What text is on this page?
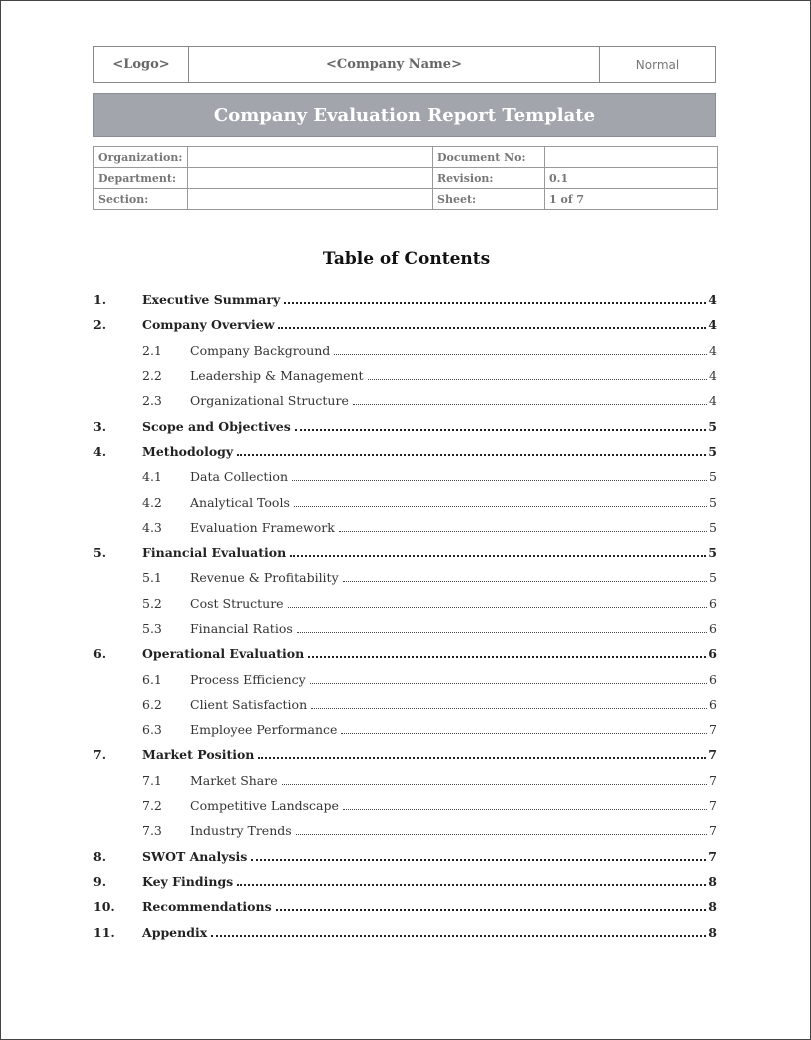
<Logo>	<Company Name>	Normal
Company Evaluation Report Template
Organization:		Document No:	
Department:		Revision:	0.1
Section:		Sheet:	1 of 7
Table of Contents
1.	Executive Summary	4
2.	Company Overview	4
2.1	Company Background	4
2.2	Leadership & Management	4
2.3	Organizational Structure	4
3.	Scope and Objectives	5
4.	Methodology	5
4.1	Data Collection	5
4.2	Analytical Tools	5
4.3	Evaluation Framework	5
5.	Financial Evaluation	5
5.1	Revenue & Profitability	5
5.2	Cost Structure	6
5.3	Financial Ratios	6
6.	Operational Evaluation	6
6.1	Process Efficiency	6
6.2	Client Satisfaction	6
6.3	Employee Performance	7
7.	Market Position	7
7.1	Market Share	7
7.2	Competitive Landscape	7
7.3	Industry Trends	7
8.	SWOT Analysis	7
9.	Key Findings	8
10.	Recommendations	8
11.	Appendix	8
